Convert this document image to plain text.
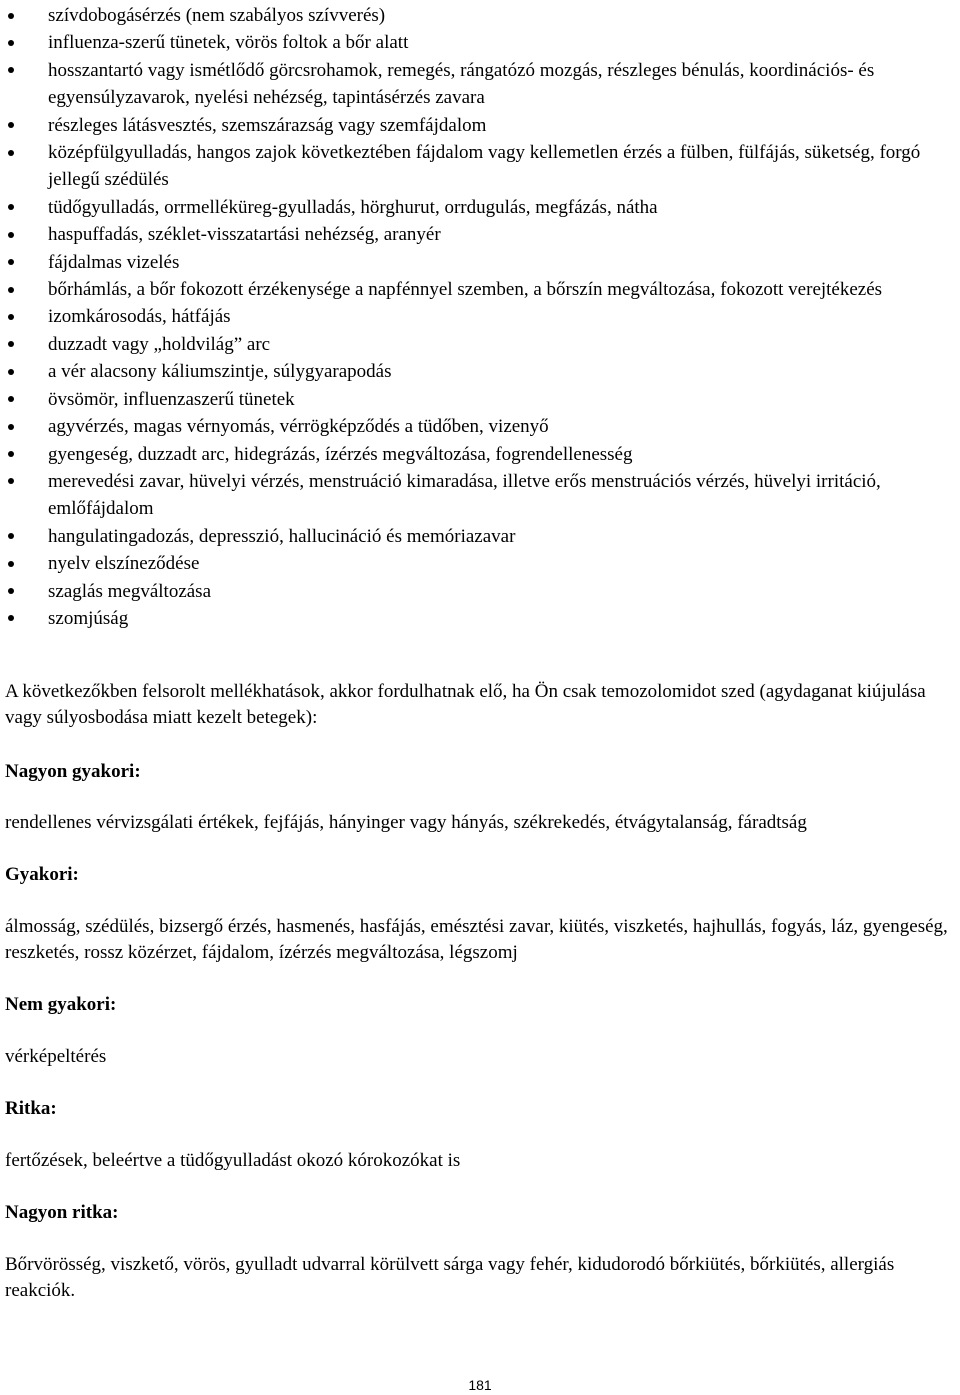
szívdobogásérzés (nem szabályos szívverés)
influenza-szerű tünetek, vörös foltok a bőr alatt
hosszantartó vagy ismétlődő görcsrohamok, remegés, rángatózó mozgás, részleges bénulás, koordinációs- és egyensúlyzavarok, nyelési nehézség, tapintásérzés zavara
részleges látásvesztés, szemszárazság vagy szemfájdalom
középfülgyulladás, hangos zajok következtében fájdalom vagy kellemetlen érzés a fülben, fülfájás, süketség, forgó jellegű szédülés
tüdőgyulladás, orrmelléküreg-gyulladás, hörghurut, orrdugulás, megfázás, nátha
haspuffadás, széklet-visszatartási nehézség, aranyér
fájdalmas vizelés
bőrhámlás, a bőr fokozott érzékenysége a napfénnyel szemben, a bőrszín megváltozása, fokozott verejtékezés
izomkárosodás, hátfájás
duzzadt vagy „holdvilág” arc
a vér alacsony káliumszintje, súlygyarapodás
övsömör, influenzaszerű tünetek
agyvérzés, magas vérnyomás, vérrögképződés a tüdőben, vizenyő
gyengeség, duzzadt arc, hidegrázás, ízérzés megváltozása, fogrendellenesség
merevedési zavar, hüvelyi vérzés, menstruáció kimaradása, illetve erős menstruációs vérzés, hüvelyi irritáció, emlőfájdalom
hangulatingadozás, depresszió, hallucináció és memóriazavar
nyelv elszíneződése
szaglás megváltozása
szomjúság
A következőkben felsorolt mellékhatások, akkor fordulhatnak elő, ha Ön csak temozolomidot szed (agydaganat kiújulása vagy súlyosbodása miatt kezelt betegek):
Nagyon gyakori:
rendellenes vérvizsgálati értékek, fejfájás, hányinger vagy hányás, székrekedés, étvágytalanság, fáradtság
Gyakori:
álmosság, szédülés, bizsergő érzés, hasmenés, hasfájás, emésztési zavar, kiütés, viszketés, hajhullás, fogyás, láz, gyengeség, reszketés, rossz közérzet, fájdalom, ízérzés megváltozása, légszomj
Nem gyakori:
vérképeltérés
Ritka:
fertőzések, beleértve a tüdőgyulladást okozó kórokozókat is
Nagyon ritka:
Bőrvörösség, viszkető, vörös, gyulladt udvarral körülvett sárga vagy fehér, kidudorodó bőrkiütés, bőrkiütés, allergiás reakciók.
181
